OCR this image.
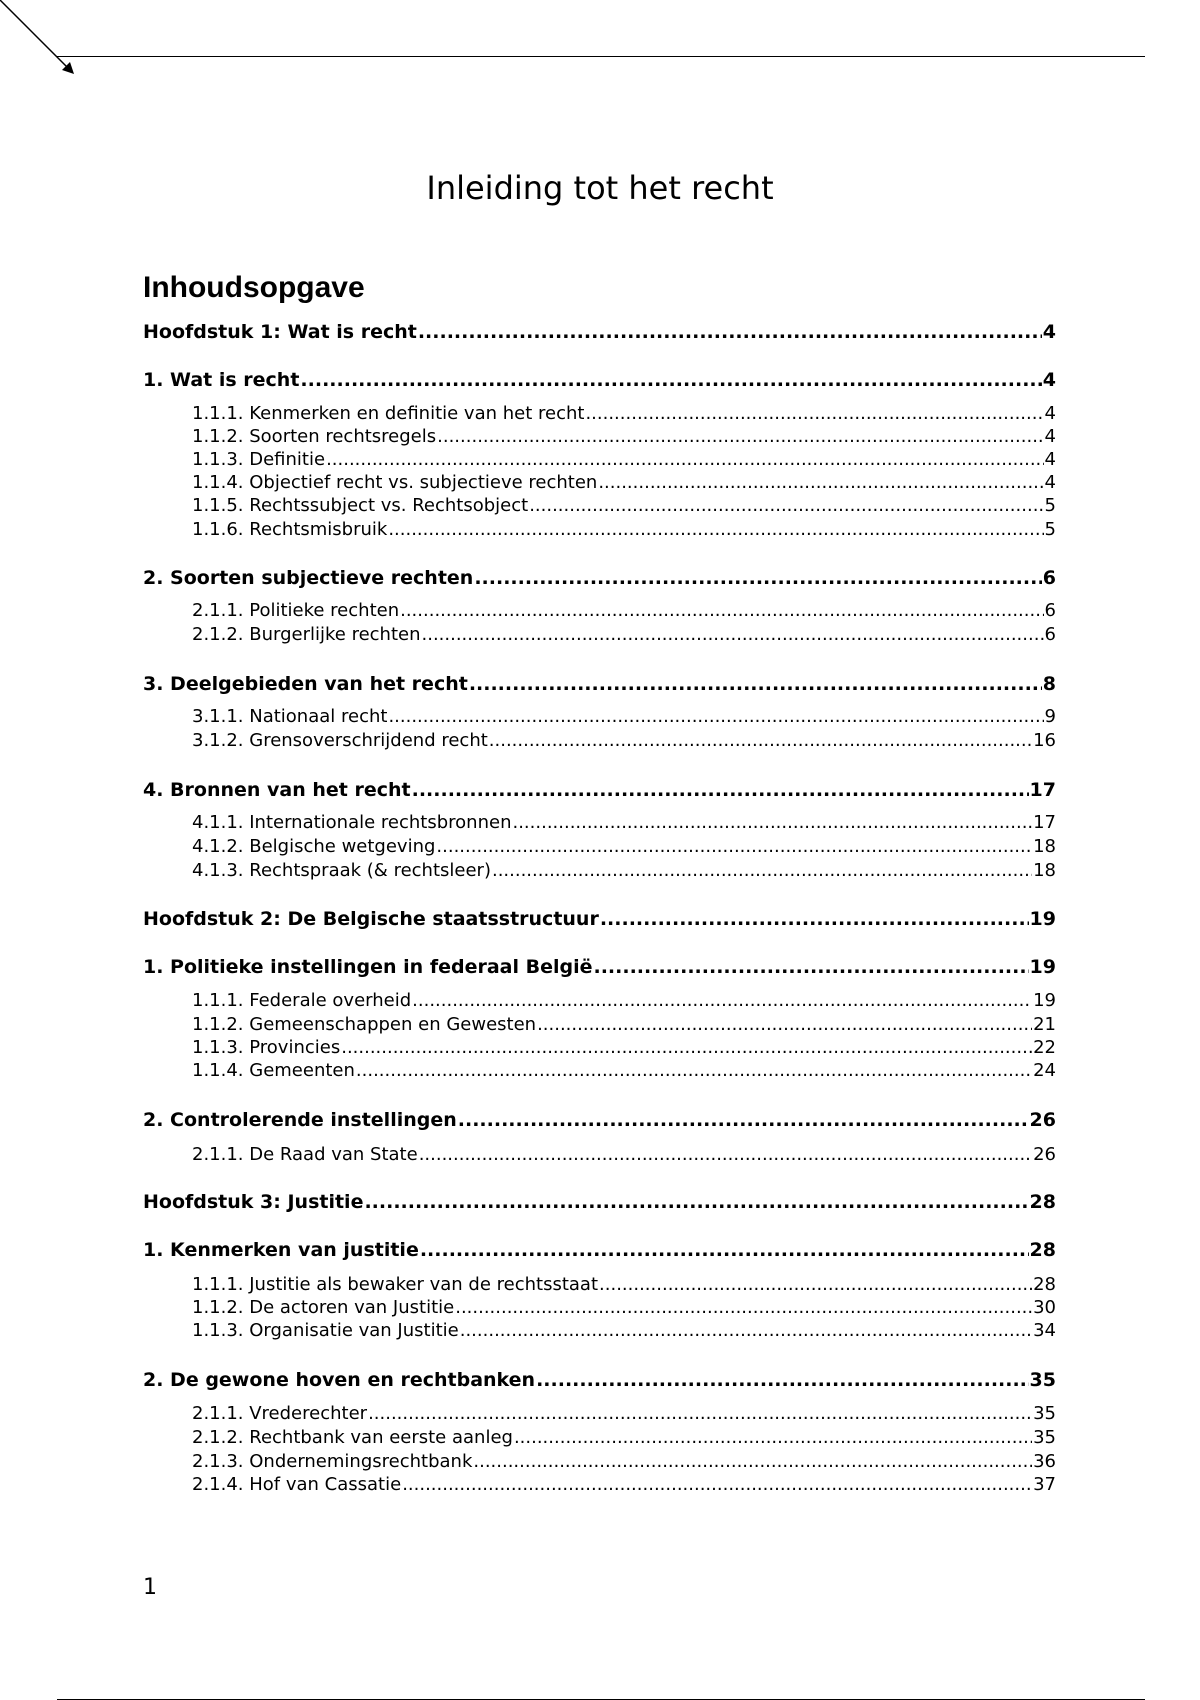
Inleiding tot het recht
Inhoudsopgave
Hoofdstuk 1: Wat is recht .....	4
1. Wat is recht .....	4
1.1.1. Kenmerken en definitie van het recht .....	4
1.1.2. Soorten rechtsregels .....	4
1.1.3. Definitie .....	4
1.1.4. Objectief recht vs. subjectieve rechten .....	4
1.1.5. Rechtssubject vs. Rechtsobject .....	5
1.1.6. Rechtsmisbruik .....	5
2. Soorten subjectieve rechten .....	6
2.1.1. Politieke rechten .....	6
2.1.2. Burgerlijke rechten .....	6
3. Deelgebieden van het recht .....	8
3.1.1. Nationaal recht .....	9
3.1.2. Grensoverschrijdend recht .....	16
4. Bronnen van het recht .....	17
4.1.1. Internationale rechtsbronnen .....	17
4.1.2. Belgische wetgeving .....	18
4.1.3. Rechtspraak (& rechtsleer) .....	18
Hoofdstuk 2: De Belgische staatsstructuur .....	19
1. Politieke instellingen in federaal België .....	19
1.1.1. Federale overheid .....	19
1.1.2. Gemeenschappen en Gewesten .....	21
1.1.3. Provincies .....	22
1.1.4. Gemeenten .....	24
2. Controlerende instellingen .....	26
2.1.1. De Raad van State .....	26
Hoofdstuk 3: Justitie .....	28
1. Kenmerken van justitie .....	28
1.1.1. Justitie als bewaker van de rechtsstaat .....	28
1.1.2. De actoren van Justitie .....	30
1.1.3. Organisatie van Justitie .....	34
2. De gewone hoven en rechtbanken .....	35
2.1.1. Vrederechter .....	35
2.1.2. Rechtbank van eerste aanleg .....	35
2.1.3. Ondernemingsrechtbank .....	36
2.1.4. Hof van Cassatie .....	37
1
